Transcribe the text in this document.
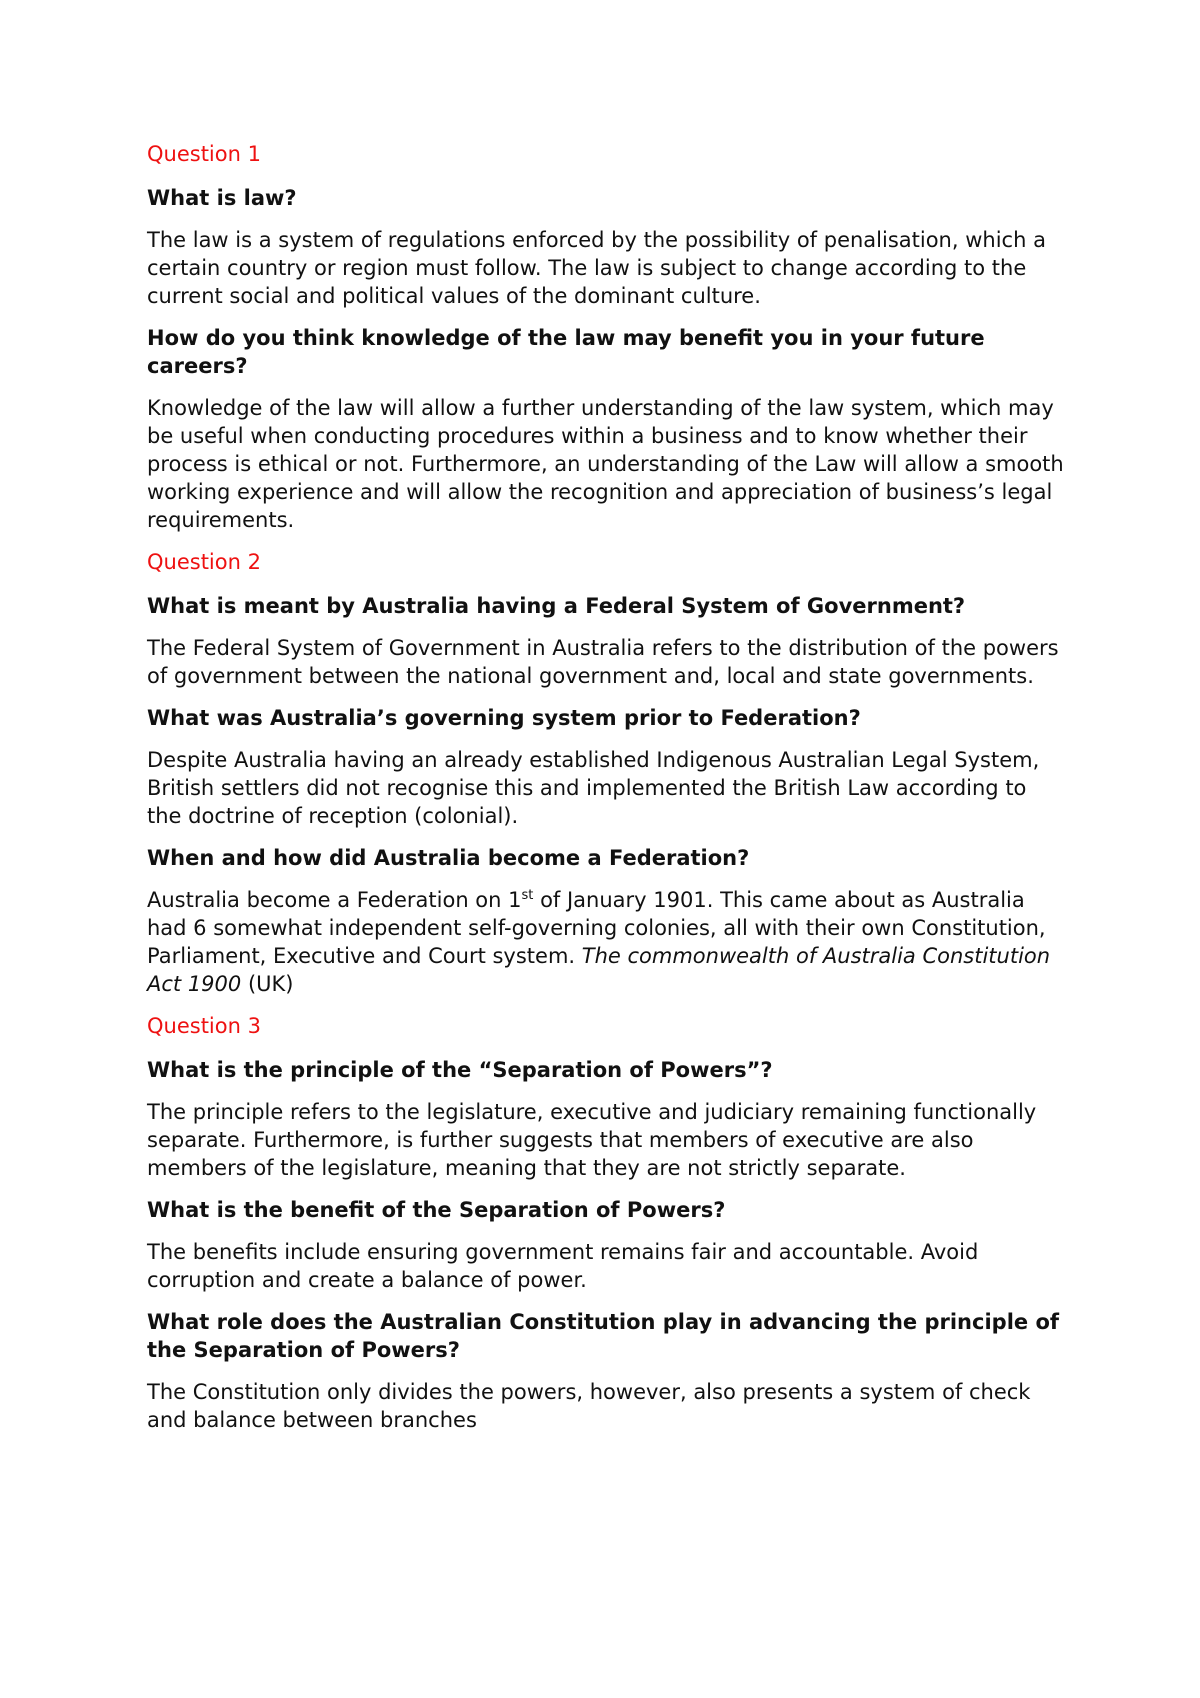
Question 1

What is law?

The law is a system of regulations enforced by the possibility of penalisation, which a certain country or region must follow. The law is subject to change according to the current social and political values of the dominant culture.

How do you think knowledge of the law may benefit you in your future careers?

Knowledge of the law will allow a further understanding of the law system, which may be useful when conducting procedures within a business and to know whether their process is ethical or not. Furthermore, an understanding of the Law will allow a smooth working experience and will allow the recognition and appreciation of business’s legal requirements.

Question 2

What is meant by Australia having a Federal System of Government?

The Federal System of Government in Australia refers to the distribution of the powers of government between the national government and, local and state governments.

What was Australia’s governing system prior to Federation?

Despite Australia having an already established Indigenous Australian Legal System, British settlers did not recognise this and implemented the British Law according to the doctrine of reception (colonial).

When and how did Australia become a Federation?

Australia become a Federation on 1st of January 1901. This came about as Australia had 6 somewhat independent self-governing colonies, all with their own Constitution, Parliament, Executive and Court system. The commonwealth of Australia Constitution Act 1900 (UK)

Question 3

What is the principle of the “Separation of Powers”?

The principle refers to the legislature, executive and judiciary remaining functionally separate. Furthermore, is further suggests that members of executive are also members of the legislature, meaning that they are not strictly separate.

What is the benefit of the Separation of Powers?

The benefits include ensuring government remains fair and accountable. Avoid corruption and create a balance of power.

What role does the Australian Constitution play in advancing the principle of the Separation of Powers?

The Constitution only divides the powers, however, also presents a system of check and balance between branches
